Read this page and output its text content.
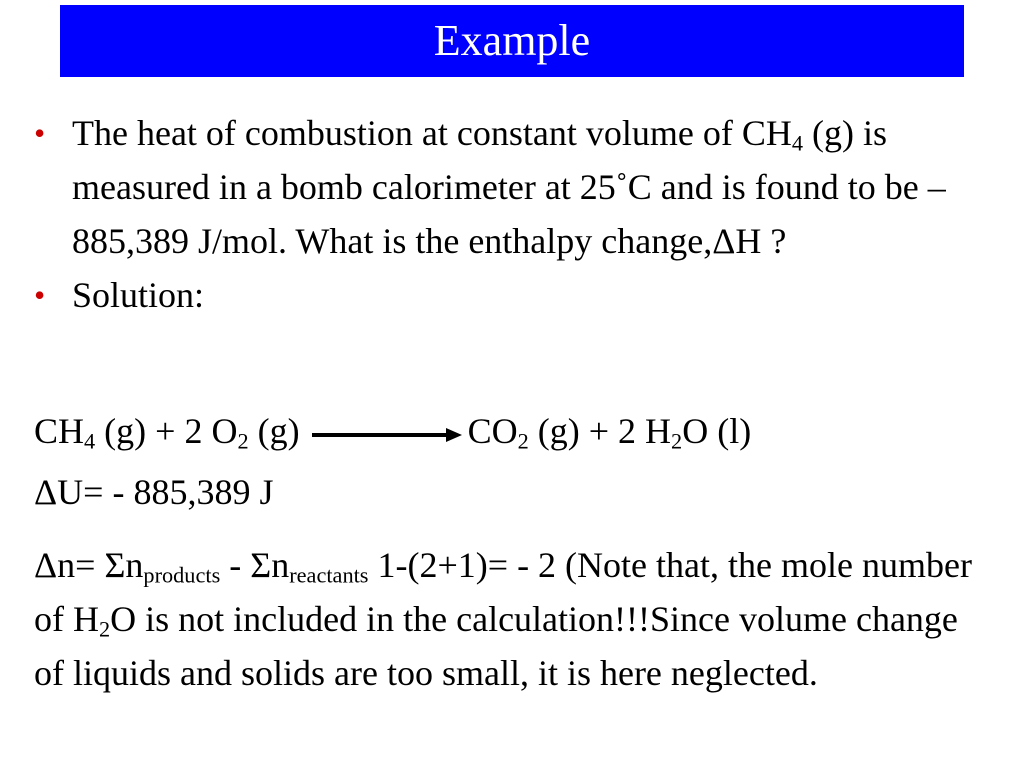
Example
• The heat of combustion at constant volume of $CH_4$ (g) is measured in a bomb calorimeter at 25˚C and is found to be – 885,389 J/mol. What is the enthalpy change,ΔH ?
• Solution:
$CH_4$ (g) + 2 $O_2$ (g)	$CO_2$ (g) + 2 $H_2O$ (l)
ΔU= - 885,389 J
$\Delta n= \Sigma n_{products} - \Sigma n_{reactants}$ 1-(2+1)= - 2 (Note that, the mole number of $H_2O$ is not included in the calculation!!!Since volume change of liquids and solids are too small, it is here neglected.
